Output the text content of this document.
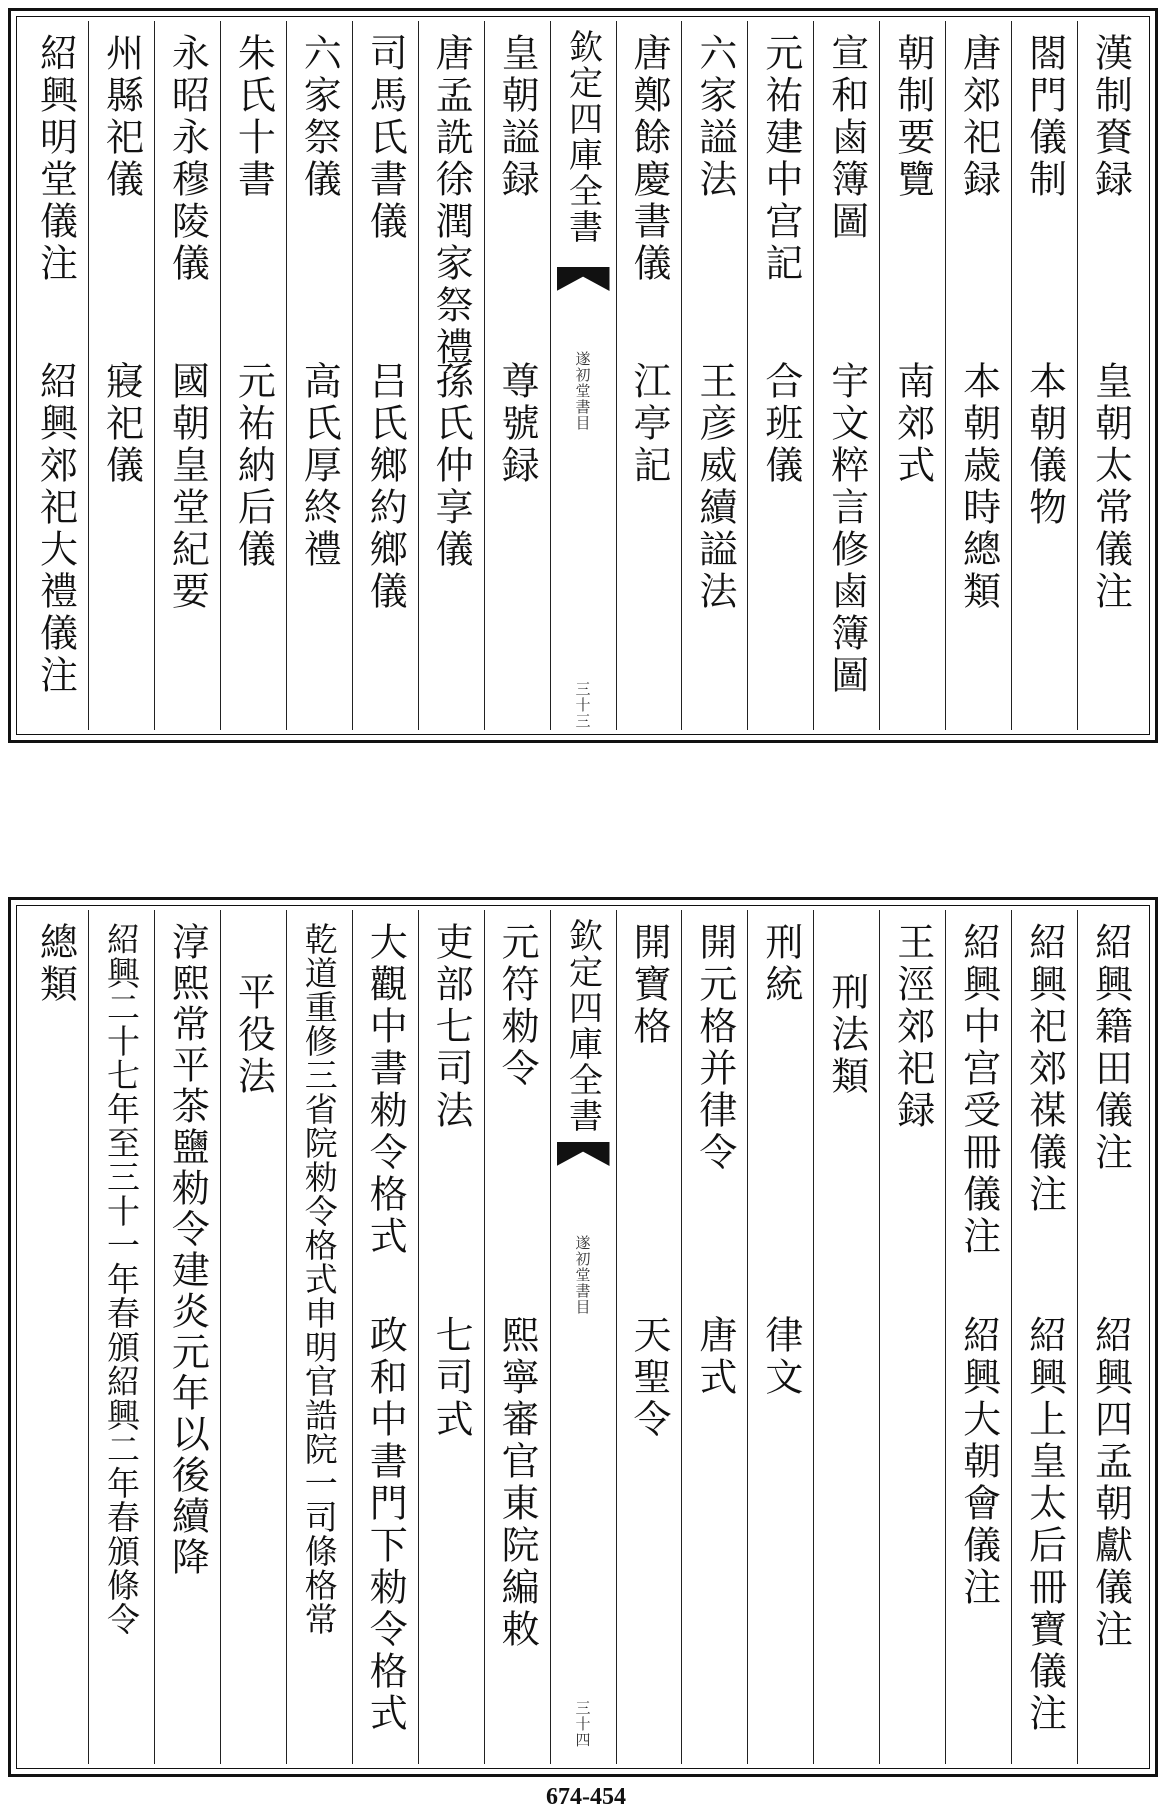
漢制𧶘録
皇朝太常儀注
閤門儀制
本朝儀物
唐郊祀録
本朝歳時總類
朝制要覽
南郊式
宣和鹵簿圖
宇文粹言修鹵簿圖
元祐建中宫記
合班儀
六家謚法
王彦威續謚法
唐鄭餘慶書儀
江亭記
欽定四庫全書
遂初堂書目
三十三
皇朝謚録
尊號録
唐孟詵徐潤家祭禮
孫氏仲享儀
司馬氏書儀
吕氏鄉約鄉儀
六家祭儀
高氏厚終禮
朱氏十書
元祐納后儀
永昭永穆陵儀
國朝皇堂紀要
州縣祀儀
寢祀儀
紹興明堂儀注
紹興郊祀大禮儀注
紹興籍田儀注
紹興四孟朝獻儀注
紹興祀郊禖儀注
紹興上皇太后冊寶儀注
紹興中宫受冊儀注
紹興大朝會儀注
王涇郊祀録
刑法類
刑統
律文
開元格并律令
唐式
開寶格
天聖令
欽定四庫全書
遂初堂書目
三十四
元符勑令
熙寧審官東院編敕
吏部七司法
七司式
大觀中書勑令格式
政和中書門下勑令格式
乾道重修三省院勑令格式申明官誥院一司條格常
平役法
淳熙常平茶鹽勑令建炎元年以後續降
紹興二十七年至三十一年春頒紹興二年春頒條令
總類
674-454
